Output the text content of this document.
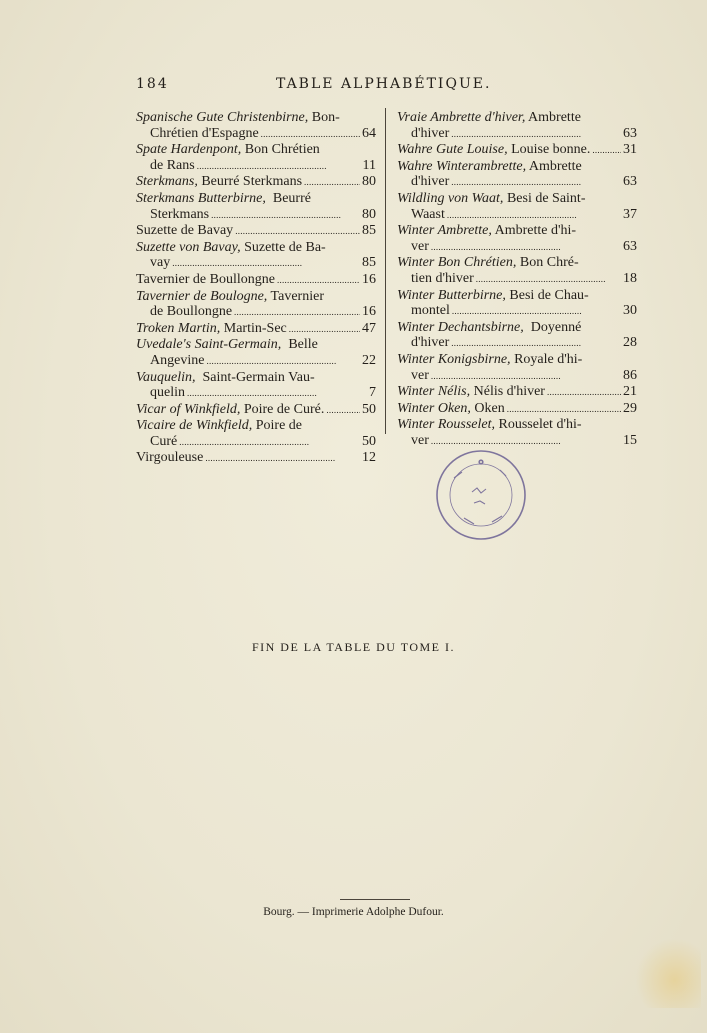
184	TABLE ALPHABÉTIQUE.
Spanische Gute Christenbirne, Bon-
Chrétien d'Espagne . . .	64
Spate Hardenpont, Bon Chrétien
de Rans . . .	11
Sterkmans, Beurré Sterkmans . . .	80
Sterkmans Butterbirne, Beurré
Sterkmans . . .	80
Suzette de Bavay . . .	85
Suzette von Bavay, Suzette de Ba-
vay . . .	85
Tavernier de Boullongne . . .	16
Tavernier de Boulogne, Tavernier
de Boullongne . . .	16
Troken Martin, Martin-Sec . . .	47
Uvedale's Saint-Germain, Belle
Angevine . . .	22
Vauquelin, Saint-Germain Vau-
quelin . . .	7
Vicar of Winkfield, Poire de Curé. . . .	50
Vicaire de Winkfield, Poire de
Curé . . .	50
Virgouleuse . . .	12
Vraie Ambrette d'hiver, Ambrette
d'hiver . . .	63
Wahre Gute Louise, Louise bonne. . . . 31
Wahre Winterambrette, Ambrette
d'hiver . . .	63
Wildling von Waat, Besi de Saint-
Waast . . .	37
Winter Ambrette, Ambrette d'hi-
ver . . .	63
Winter Bon Chrétien, Bon Chré-
tien d'hiver . . .	18
Winter Butterbirne, Besi de Chau-
montel . . .	30
Winter Dechantsbirne, Doyenné
d'hiver . . .	28
Winter Konigsbirne, Royale d'hi-
ver . . .	86
Winter Nélis, Nélis d'hiver . . .	21
Winter Oken, Oken . . .	29
Winter Rousselet, Rousselet d'hi-
ver . . .	15
FIN DE LA TABLE DU TOME I.
Bourg. — Imprimerie Adolphe Dufour.
